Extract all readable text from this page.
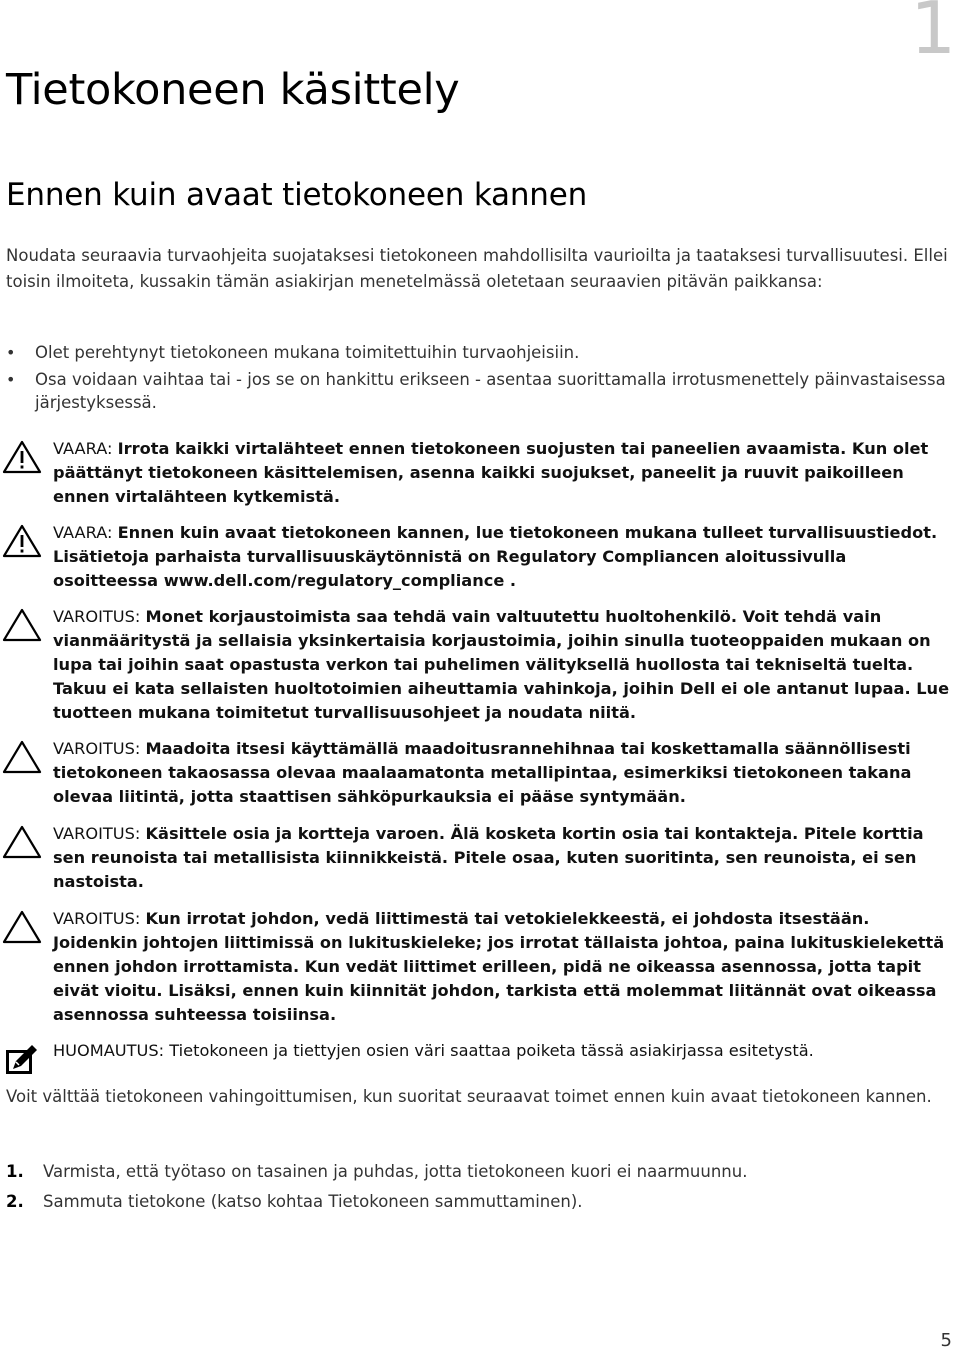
1
Tietokoneen käsittely
Ennen kuin avaat tietokoneen kannen

Noudata seuraavia turvaohjeita suojataksesi tietokoneen mahdollisilta vaurioilta ja taataksesi turvallisuutesi. Ellei toisin ilmoiteta, kussakin tämän asiakirjan menetelmässä oletetaan seuraavien pitävän paikkansa:

• Olet perehtynyt tietokoneen mukana toimitettuihin turvaohjeisiin.
• Osa voidaan vaihtaa tai - jos se on hankittu erikseen - asentaa suorittamalla irrotusmenettely päinvastaisessa järjestyksessä.
VAARA: Irrota kaikki virtalähteet ennen tietokoneen suojusten tai paneelien avaamista. Kun olet päättänyt tietokoneen käsittelemisen, asenna kaikki suojukset, paneelit ja ruuvit paikoilleen ennen virtalähteen kytkemistä.
VAARA: Ennen kuin avaat tietokoneen kannen, lue tietokoneen mukana tulleet turvallisuustiedot. Lisätietoja parhaista turvallisuuskäytönnistä on Regulatory Compliancen aloitussivulla osoitteessa www.dell.com/regulatory_compliance .
VAROITUS: Monet korjaustoimista saa tehdä vain valtuutettu huoltohenkilö. Voit tehdä vain vianmääritystä ja sellaisia yksinkertaisia korjaustoimia, joihin sinulla tuoteoppaiden mukaan on lupa tai joihin saat opastusta verkon tai puhelimen välityksellä huollosta tai tekniseltä tuelta. Takuu ei kata sellaisten huoltotoimien aiheuttamia vahinkoja, joihin Dell ei ole antanut lupaa. Lue tuotteen mukana toimitetut turvallisuusohjeet ja noudata niitä.
VAROITUS: Maadoita itsesi käyttämällä maadoitusrannehihnaa tai koskettamalla säännöllisesti tietokoneen takaosassa olevaa maalaamatonta metallipintaa, esimerkiksi tietokoneen takana olevaa liitintä, jotta staattisen sähköpurkauksia ei pääse syntymään.
VAROITUS: Käsittele osia ja kortteja varoen. Älä kosketa kortin osia tai kontakteja. Pitele korttia sen reunoista tai metallisista kiinnikkeistä. Pitele osaa, kuten suoritinta, sen reunoista, ei sen nastoista.
VAROITUS: Kun irrotat johdon, vedä liittimestä tai vetokielekkeestä, ei johdosta itsestään. Joidenkin johtojen liittimissä on lukituskieleke; jos irrotat tällaista johtoa, paina lukituskielekettä ennen johdon irrottamista. Kun vedät liittimet erilleen, pidä ne oikeassa asennossa, jotta tapit eivät vioitu. Lisäksi, ennen kuin kiinnität johdon, tarkista että molemmat liitännät ovat oikeassa asennossa suhteessa toisiinsa.
HUOMAUTUS: Tietokoneen ja tiettyjen osien väri saattaa poiketa tässä asiakirjassa esitetystä.

Voit välttää tietokoneen vahingoittumisen, kun suoritat seuraavat toimet ennen kuin avaat tietokoneen kannen.

1. Varmista, että työtaso on tasainen ja puhdas, jotta tietokoneen kuori ei naarmuunnu.
2. Sammuta tietokone (katso kohtaa Tietokoneen sammuttaminen).
5
